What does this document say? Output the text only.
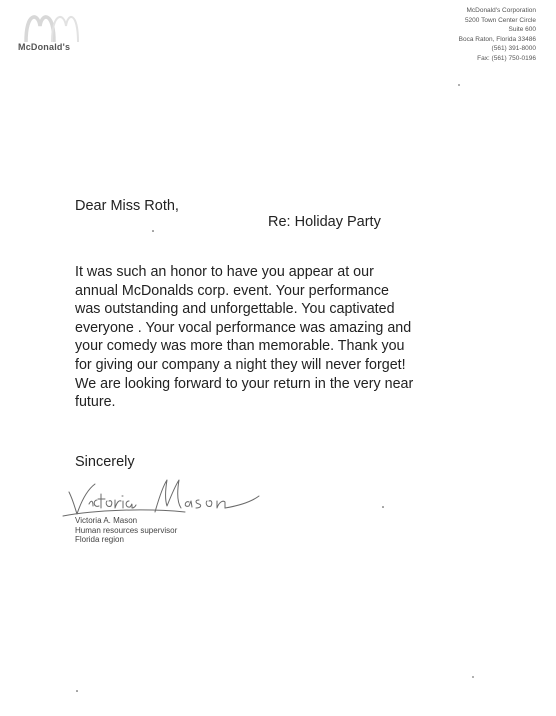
McDonald's
McDonald's Corporation
5200 Town Center Circle
Suite 600
Boca Raton, Florida 33486
(561) 391-8000
Fax: (561) 750-0196
Dear Miss Roth,
Re: Holiday Party
It was such an honor to have you appear at our
annual McDonalds corp. event. Your performance
was outstanding and unforgettable. You captivated
everyone . Your vocal performance was amazing and
your comedy was more than memorable. Thank you
for giving our company a night they will never forget!
We are looking forward to your return in the very near
future.
Sincerely
Victoria A. Mason
Human resources supervisor
Florida region
